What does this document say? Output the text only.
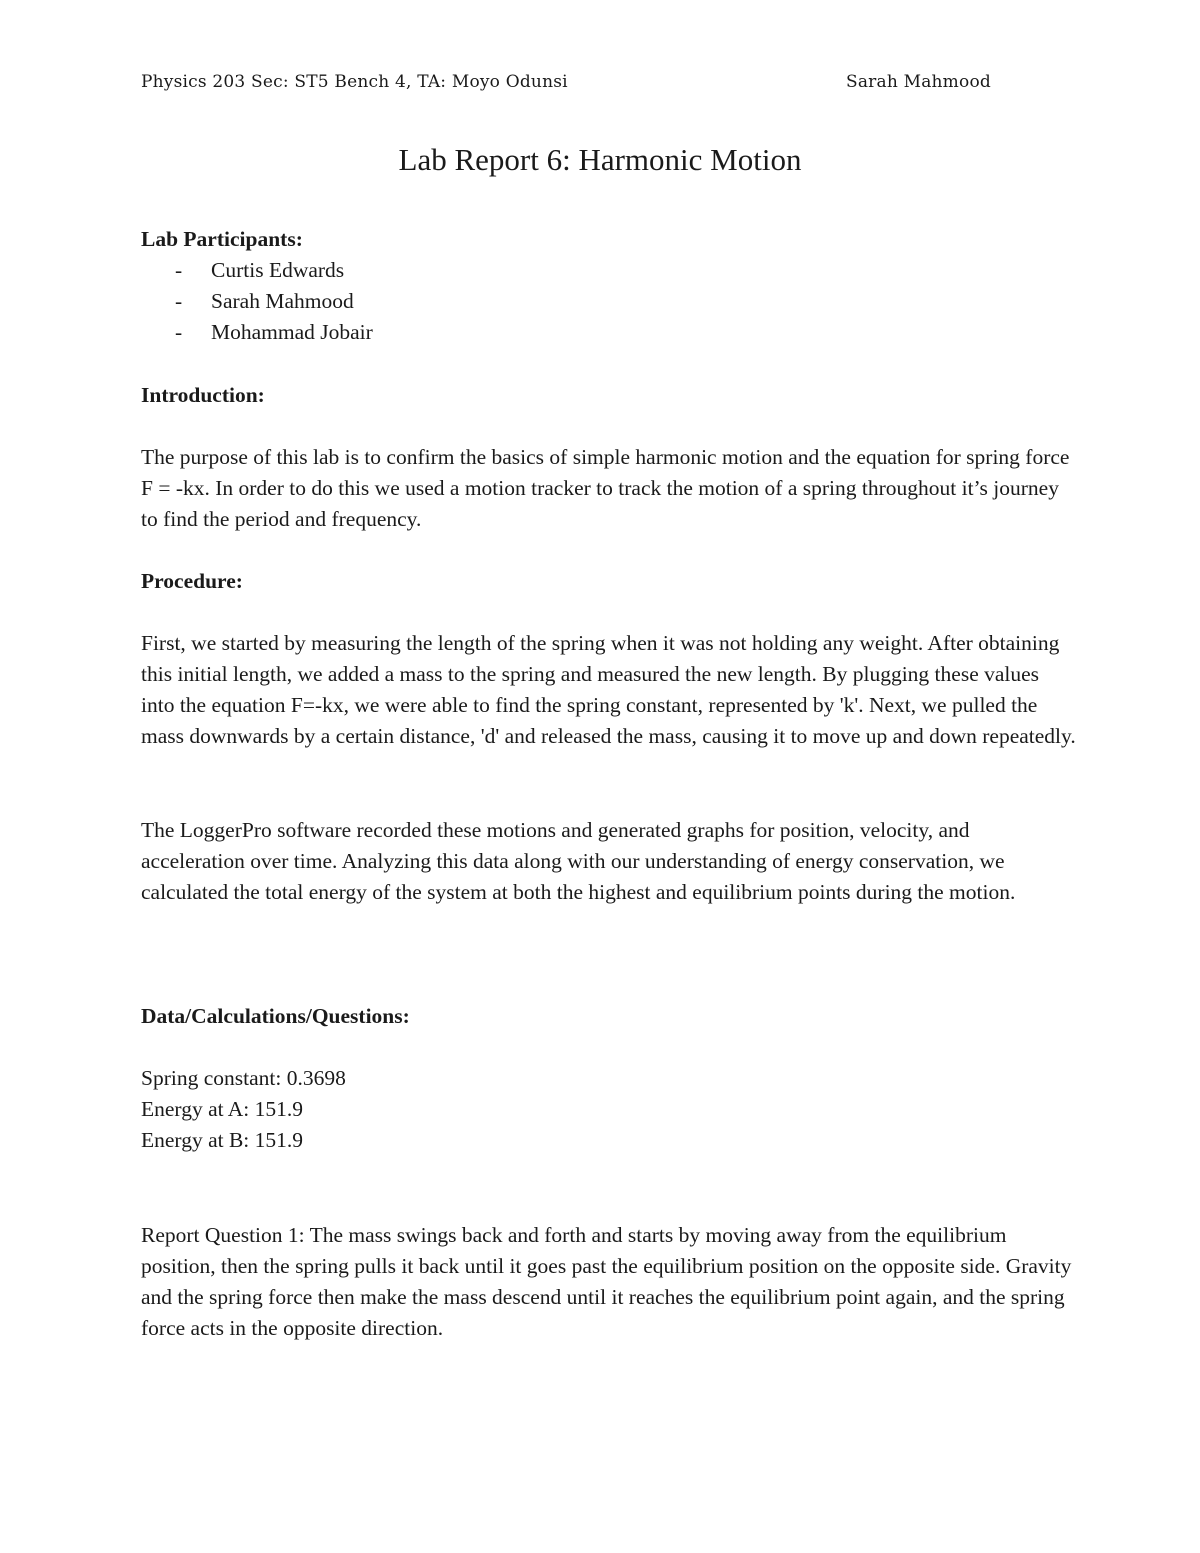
Physics 203 Sec: ST5 Bench 4, TA: Moyo Odunsi	Sarah Mahmood
Lab Report 6: Harmonic Motion
Lab Participants:
- Curtis Edwards
- Sarah Mahmood
- Mohammad Jobair
Introduction:
The purpose of this lab is to confirm the basics of simple harmonic motion and the equation for spring force F = -kx. In order to do this we used a motion tracker to track the motion of a spring throughout it’s journey to find the period and frequency.
Procedure:
First, we started by measuring the length of the spring when it was not holding any weight. After obtaining this initial length, we added a mass to the spring and measured the new length. By plugging these values into the equation F=-kx, we were able to find the spring constant, represented by 'k'. Next, we pulled the mass downwards by a certain distance, 'd' and released the mass, causing it to move up and down repeatedly.
The LoggerPro software recorded these motions and generated graphs for position, velocity, and acceleration over time. Analyzing this data along with our understanding of energy conservation, we calculated the total energy of the system at both the highest and equilibrium points during the motion.
Data/Calculations/Questions:
Spring constant: 0.3698
Energy at A: 151.9
Energy at B: 151.9
Report Question 1: The mass swings back and forth and starts by moving away from the equilibrium position, then the spring pulls it back until it goes past the equilibrium position on the opposite side. Gravity and the spring force then make the mass descend until it reaches the equilibrium point again, and the spring force acts in the opposite direction.
